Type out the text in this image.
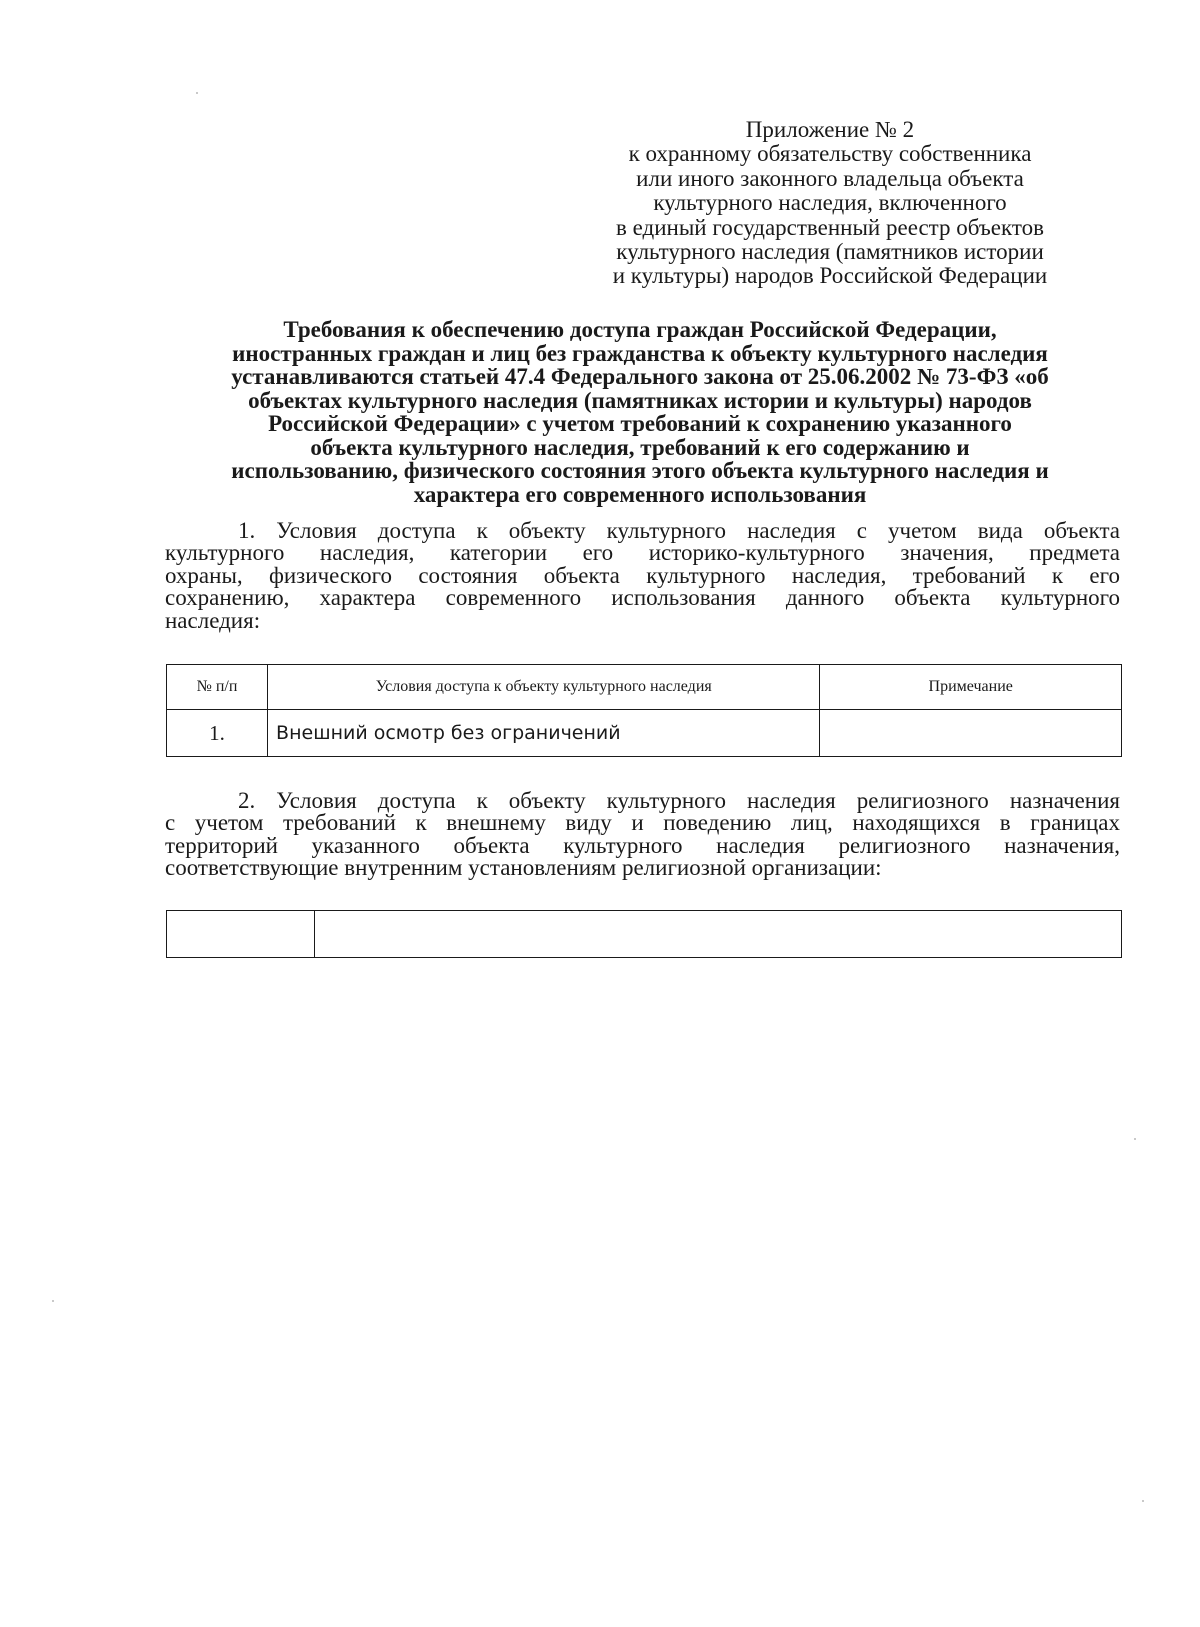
Приложение № 2
к охранному обязательству собственника
или иного законного владельца объекта
культурного наследия, включенного
в единый государственный реестр объектов
культурного наследия (памятников истории
и культуры) народов Российской Федерации
Требования к обеспечению доступа граждан Российской Федерации,
иностранных граждан и лиц без гражданства к объекту культурного наследия
устанавливаются статьей 47.4 Федерального закона от 25.06.2002 № 73-ФЗ «об
объектах культурного наследия (памятниках истории и культуры) народов
Российской Федерации» с учетом требований к сохранению указанного
объекта культурного наследия, требований к его содержанию и
использованию, физического состояния этого объекта культурного наследия и
характера его современного использования
1. Условия доступа к объекту культурного наследия с учетом вида объекта
культурного наследия, категории его историко-культурного значения, предмета
охраны, физического состояния объекта культурного наследия, требований к его
сохранению, характера современного использования данного объекта культурного
наследия:
№ п/п	Условия доступа к объекту культурного наследия	Примечание
1.	Внешний осмотр без ограничений	
2. Условия доступа к объекту культурного наследия религиозного назначения
с учетом требований к внешнему виду и поведению лиц, находящихся в границах
территорий указанного объекта культурного наследия религиозного назначения,
соответствующие внутренним установлениям религиозной организации:
